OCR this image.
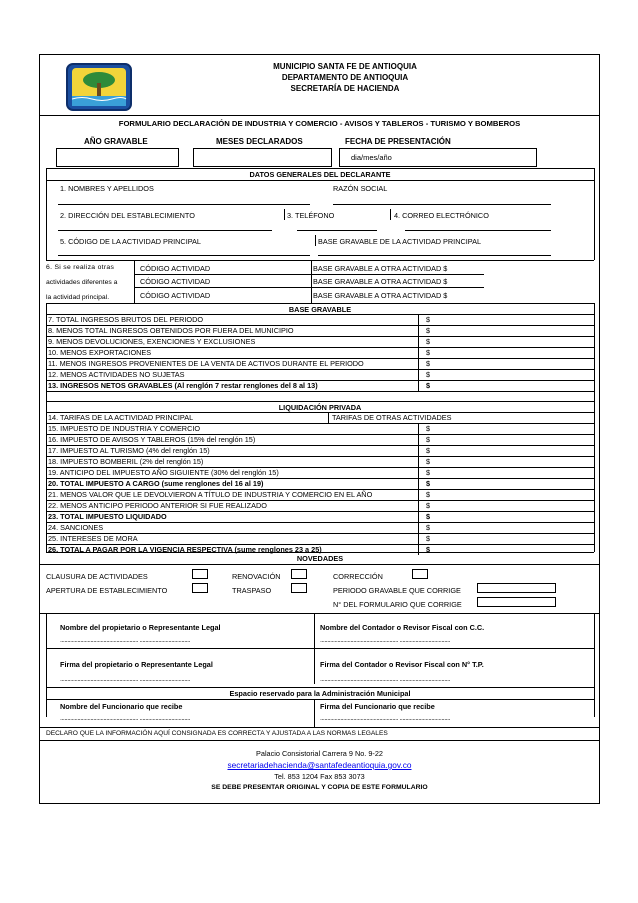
MUNICIPIO SANTA FE DE ANTIOQUIA
DEPARTAMENTO DE ANTIOQUIA
SECRETARÍA DE HACIENDA
FORMULARIO DECLARACIÓN DE INDUSTRIA Y COMERCIO - AVISOS Y TABLEROS - TURISMO Y BOMBEROS
AÑO GRAVABLE	MESES DECLARADOS	FECHA DE PRESENTACIÓN
dia/mes/año
DATOS GENERALES DEL DECLARANTE
1. NOMBRES Y APELLIDOS	RAZÓN SOCIAL
2. DIRECCIÓN DEL ESTABLECIMIENTO	3. TELÉFONO	4. CORREO ELECTRÓNICO
5. CÓDIGO DE LA ACTIVIDAD PRINCIPAL	BASE GRAVABLE DE LA ACTIVIDAD PRINCIPAL
6. Si se realiza otras
actividades diferentes a
la actividad principal.
CÓDIGO ACTIVIDAD	BASE GRAVABLE A OTRA ACTIVIDAD $
CÓDIGO ACTIVIDAD	BASE GRAVABLE A OTRA ACTIVIDAD $
CÓDIGO ACTIVIDAD	BASE GRAVABLE A OTRA ACTIVIDAD $
BASE GRAVABLE
7. TOTAL INGRESOS BRUTOS DEL PERIODO	$
8. MENOS TOTAL INGRESOS OBTENIDOS POR FUERA DEL MUNICIPIO	$
9. MENOS DEVOLUCIONES, EXENCIONES Y EXCLUSIONES	$
10. MENOS EXPORTACIONES	$
11. MENOS INGRESOS PROVENIENTES DE LA VENTA DE ACTIVOS DURANTE EL PERIODO	$
12. MENOS ACTIVIDADES NO SUJETAS	$
13. INGRESOS NETOS GRAVABLES (Al renglón 7 restar renglones del 8 al 13)	$
LIQUIDACIÓN PRIVADA
14. TARIFAS DE LA ACTIVIDAD PRINCIPAL	TARIFAS DE OTRAS ACTIVIDADES
15. IMPUESTO DE INDUSTRIA Y COMERCIO	$
16. IMPUESTO DE AVISOS Y TABLEROS (15% del renglón 15)	$
17. IMPUESTO AL TURISMO (4% del renglón 15)	$
18. IMPUESTO BOMBERIL (2% del renglón 15)	$
19. ANTICIPO DEL IMPUESTO AÑO SIGUIENTE (30% del renglón 15)	$
20. TOTAL IMPUESTO A CARGO (sume renglones del 16 al 19)	$
21. MENOS VALOR QUE LE DEVOLVIERON A TÍTULO DE INDUSTRIA Y COMERCIO EN EL AÑO	$
22. MENOS ANTICIPO PERIODO ANTERIOR SI FUE REALIZADO	$
23. TOTAL IMPUESTO LIQUIDADO	$
24. SANCIONES	$
25. INTERESES DE MORA	$
26. TOTAL A PAGAR POR LA VIGENCIA RESPECTIVA (sume renglones 23 a 25)	$
NOVEDADES
CLAUSURA DE ACTIVIDADES	RENOVACIÓN	CORRECCIÓN
APERTURA DE ESTABLECIMIENTO	TRASPASO	PERIODO GRAVABLE QUE CORRIGE
N° DEL FORMULARIO QUE CORRIGE
Nombre del propietario o Representante Legal	Nombre del Contador o Revisor Fiscal con C.C.
...................................................... ...................................	...................................................... ...................................
Firma del propietario o Representante Legal	Firma del Contador o Revisor Fiscal con N° T.P.
...................................................... ...................................	...................................................... ...................................
Espacio reservado para la Administración Municipal
Nombre del Funcionario que recibe	Firma del Funcionario que recibe
...................................................... ...................................	...................................................... ...................................
DECLARO QUE LA INFORMACIÓN AQUÍ CONSIGNADA ES CORRECTA Y AJUSTADA A LAS NORMAS LEGALES
Palacio Consistorial Carrera 9 No. 9-22
secretariadehacienda@santafedeantioquia.gov.co
Tel. 853 1204 Fax 853 3073
SE DEBE PRESENTAR ORIGINAL Y COPIA DE ESTE FORMULARIO
